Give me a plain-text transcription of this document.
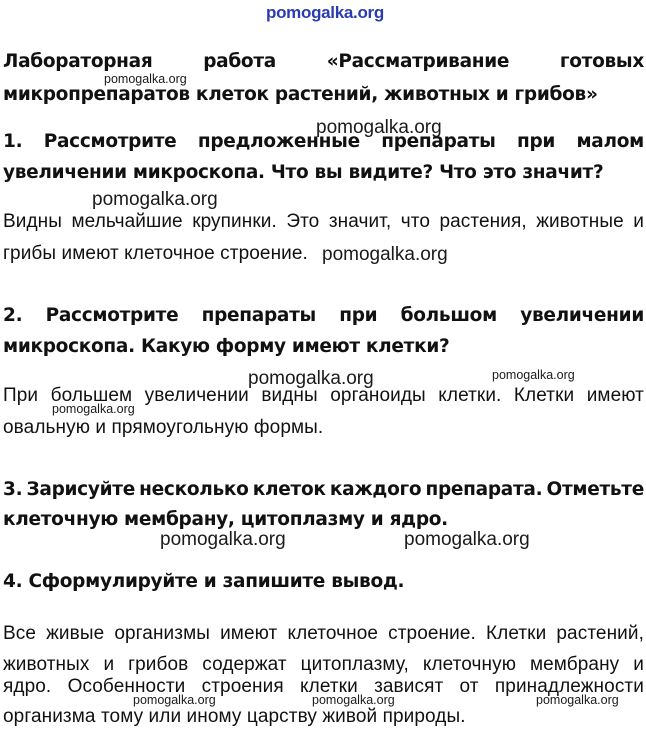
pomogalka.org
Лабораторная	работа	«Рассматривание	готовых
pomogalka.org
микропрепаратов клеток растений, животных и грибов»
pomogalka.org
1. Рассмотрите предложенные препараты при малом
увеличении микроскопа. Что вы видите? Что это значит?
pomogalka.org
Видны мельчайшие крупинки. Это значит, что растения, животные и
грибы имеют клеточное строение. pomogalka.org
2. Рассмотрите препараты при большом увеличении
микроскопа. Какую форму имеют клетки?
pomogalka.org	pomogalka.org
При большем увеличении видны органоиды клетки. Клетки имеют
pomogalka.org
овальную и прямоугольную формы.
3. Зарисуйте несколько клеток каждого препарата. Отметьте
клеточную мембрану, цитоплазму и ядро.
pomogalka.org	pomogalka.org
4. Сформулируйте и запишите вывод.
Все живые организмы имеют клеточное строение. Клетки растений,
животных и грибов содержат цитоплазму, клеточную мембрану и
ядро. Особенности строения клетки зависят от принадлежности
pomogalka.org	pomogalka.org	pomogalka.org
организма тому или иному царству живой природы.
